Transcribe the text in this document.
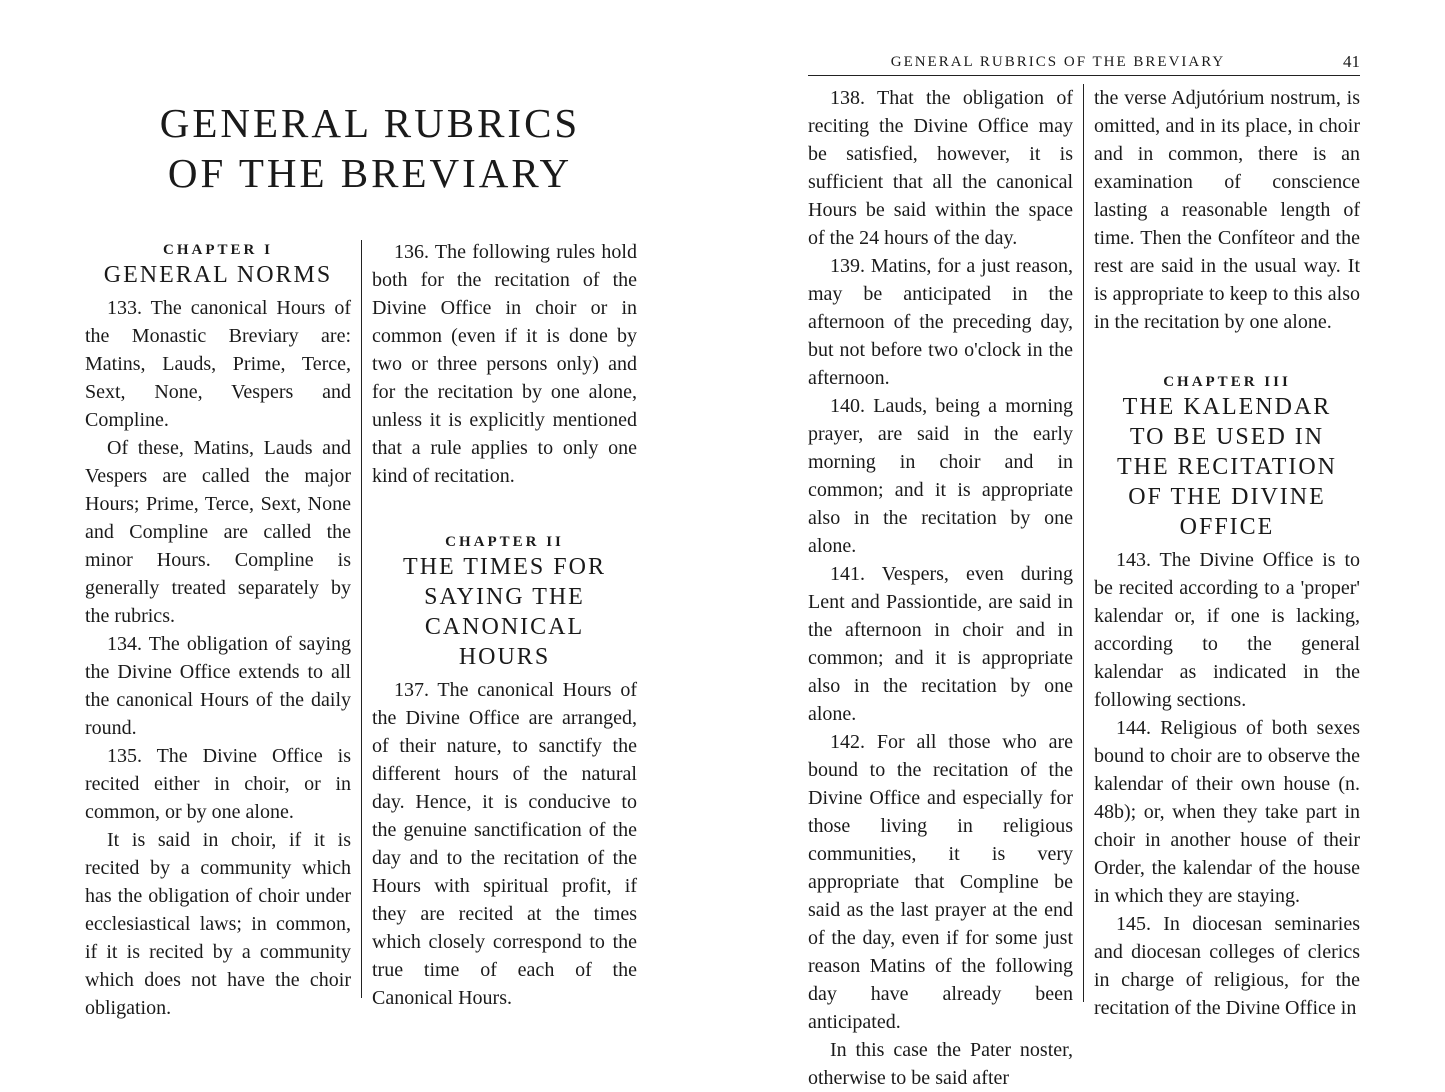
GENERAL RUBRICS
OF THE BREVIARY
CHAPTER I
GENERAL NORMS

133. The canonical Hours of the Monastic Breviary are: Matins, Lauds, Prime, Terce, Sext, None, Vespers and Compline.

Of these, Matins, Lauds and Vespers are called the major Hours; Prime, Terce, Sext, None and Compline are called the minor Hours. Compline is generally treated separately by the rubrics.

134. The obligation of saying the Divine Office extends to all the canonical Hours of the daily round.

135. The Divine Office is recited either in choir, or in common, or by one alone.

It is said in choir, if it is recited by a community which has the obligation of choir under ecclesiastical laws; in common, if it is recited by a community which does not have the choir obligation.

136. The following rules hold both for the recitation of the Divine Office in choir or in common (even if it is done by two or three persons only) and for the recitation by one alone, unless it is explicitly mentioned that a rule applies to only one kind of recitation.

CHAPTER II
THE TIMES FOR
SAYING THE
CANONICAL
HOURS

137. The canonical Hours of the Divine Office are arranged, of their nature, to sanctify the different hours of the natural day. Hence, it is conducive to the genuine sanctification of the day and to the recitation of the Hours with spiritual profit, if they are recited at the times which closely correspond to the true time of each of the Canonical Hours.

GENERAL RUBRICS OF THE BREVIARY	41

138. That the obligation of reciting the Divine Office may be satisfied, however, it is sufficient that all the canonical Hours be said within the space of the 24 hours of the day.

139. Matins, for a just reason, may be anticipated in the afternoon of the preceding day, but not before two o'clock in the afternoon.

140. Lauds, being a morning prayer, are said in the early morning in choir and in common; and it is appropriate also in the recitation by one alone.

141. Vespers, even during Lent and Passiontide, are said in the afternoon in choir and in common; and it is appropriate also in the recitation by one alone.

142. For all those who are bound to the recitation of the Divine Office and especially for those living in religious communities, it is very appropriate that Compline be said as the last prayer at the end of the day, even if for some just reason Matins of the following day have already been anticipated.

In this case the Pater noster, otherwise to be said after

the verse Adjutórium nostrum, is omitted, and in its place, in choir and in common, there is an examination of conscience lasting a reasonable length of time. Then the Confíteor and the rest are said in the usual way. It is appropriate to keep to this also in the recitation by one alone.

CHAPTER III
THE KALENDAR
TO BE USED IN
THE RECITATION
OF THE DIVINE
OFFICE

143. The Divine Office is to be recited according to a 'proper' kalendar or, if one is lacking, according to the general kalendar as indicated in the following sections.

144. Religious of both sexes bound to choir are to observe the kalendar of their own house (n. 48b); or, when they take part in choir in another house of their Order, the kalendar of the house in which they are staying.

145. In diocesan seminaries and diocesan colleges of clerics in charge of religious, for the recitation of the Divine Office in
